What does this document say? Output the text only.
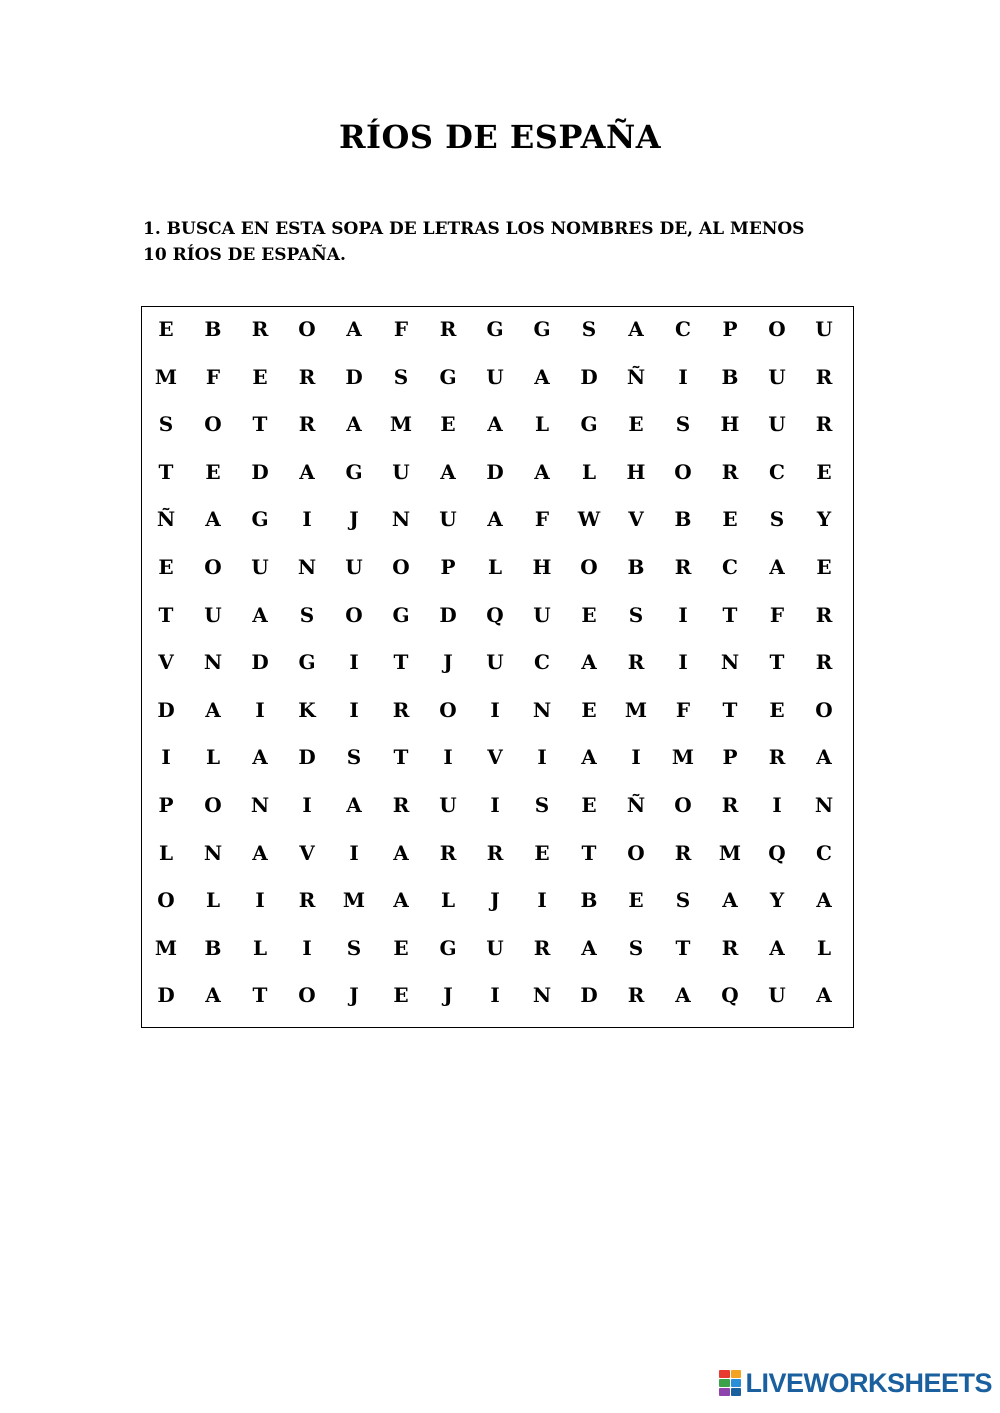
RÍOS DE ESPAÑA
1. BUSCA EN ESTA SOPA DE LETRAS LOS NOMBRES DE, AL MENOS
10 RÍOS DE ESPAÑA.
E	B	R	O	A	F	R	G	G	S	A	C	P	O	U
M	F	E	R	D	S	G	U	A	D	Ñ	I	B	U	R
S	O	T	R	A	M	E	A	L	G	E	S	H	U	R
T	E	D	A	G	U	A	D	A	L	H	O	R	C	E
Ñ	A	G	I	J	N	U	A	F	W	V	B	E	S	Y
E	O	U	N	U	O	P	L	H	O	B	R	C	A	E
T	U	A	S	O	G	D	Q	U	E	S	I	T	F	R
V	N	D	G	I	T	J	U	C	A	R	I	N	T	R
D	A	I	K	I	R	O	I	N	E	M	F	T	E	O
I	L	A	D	S	T	I	V	I	A	I	M	P	R	A
P	O	N	I	A	R	U	I	S	E	Ñ	O	R	I	N
L	N	A	V	I	A	R	R	E	T	O	R	M	Q	C
O	L	I	R	M	A	L	J	I	B	E	S	A	Y	A
M	B	L	I	S	E	G	U	R	A	S	T	R	A	L
D	A	T	O	J	E	J	I	N	D	R	A	Q	U	A
LIVEWORKSHEETS
